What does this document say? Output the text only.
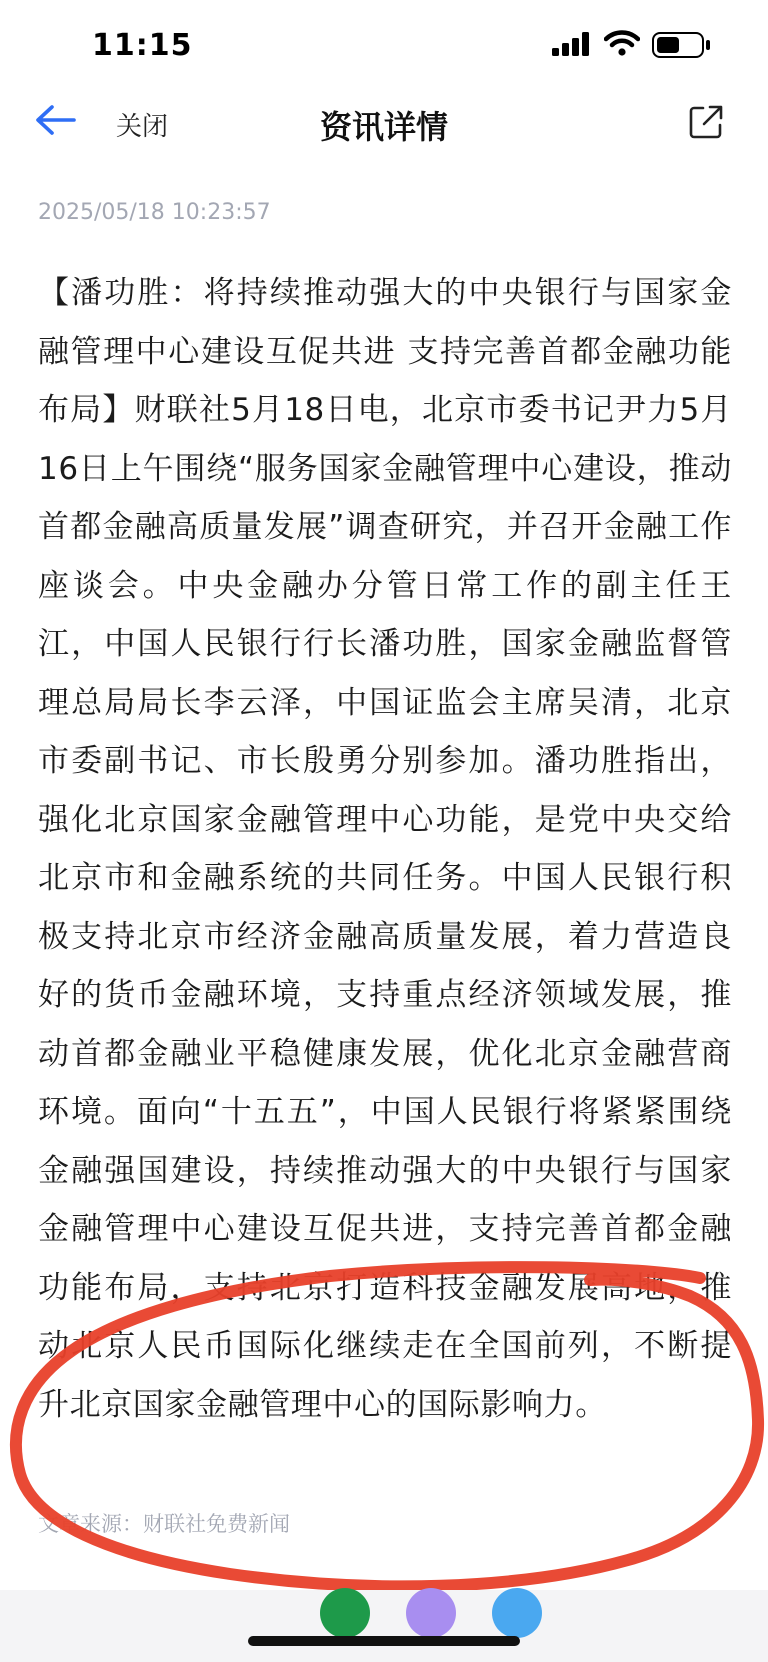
11:15
关闭	资讯详情
2025/05/18 10:23:57
【潘功胜：将持续推动强大的中央银行与国家金融管理中心建设互促共进 支持完善首都金融功能布局】财联社5月18日电，北京市委书记尹力5月16日上午围绕“服务国家金融管理中心建设，推动首都金融高质量发展”调查研究，并召开金融工作座谈会。中央金融办分管日常工作的副主任王江，中国人民银行行长潘功胜，国家金融监督管理总局局长李云泽，中国证监会主席吴清，北京市委副书记、市长殷勇分别参加。潘功胜指出，强化北京国家金融管理中心功能，是党中央交给北京市和金融系统的共同任务。中国人民银行积极支持北京市经济金融高质量发展，着力营造良好的货币金融环境，支持重点经济领域发展，推动首都金融业平稳健康发展，优化北京金融营商环境。面向“十五五”，中国人民银行将紧紧围绕金融强国建设，持续推动强大的中央银行与国家金融管理中心建设互促共进，支持完善首都金融功能布局，支持北京打造科技金融发展高地，推动北京人民币国际化继续走在全国前列，不断提升北京国家金融管理中心的国际影响力。
文章来源：财联社免费新闻
